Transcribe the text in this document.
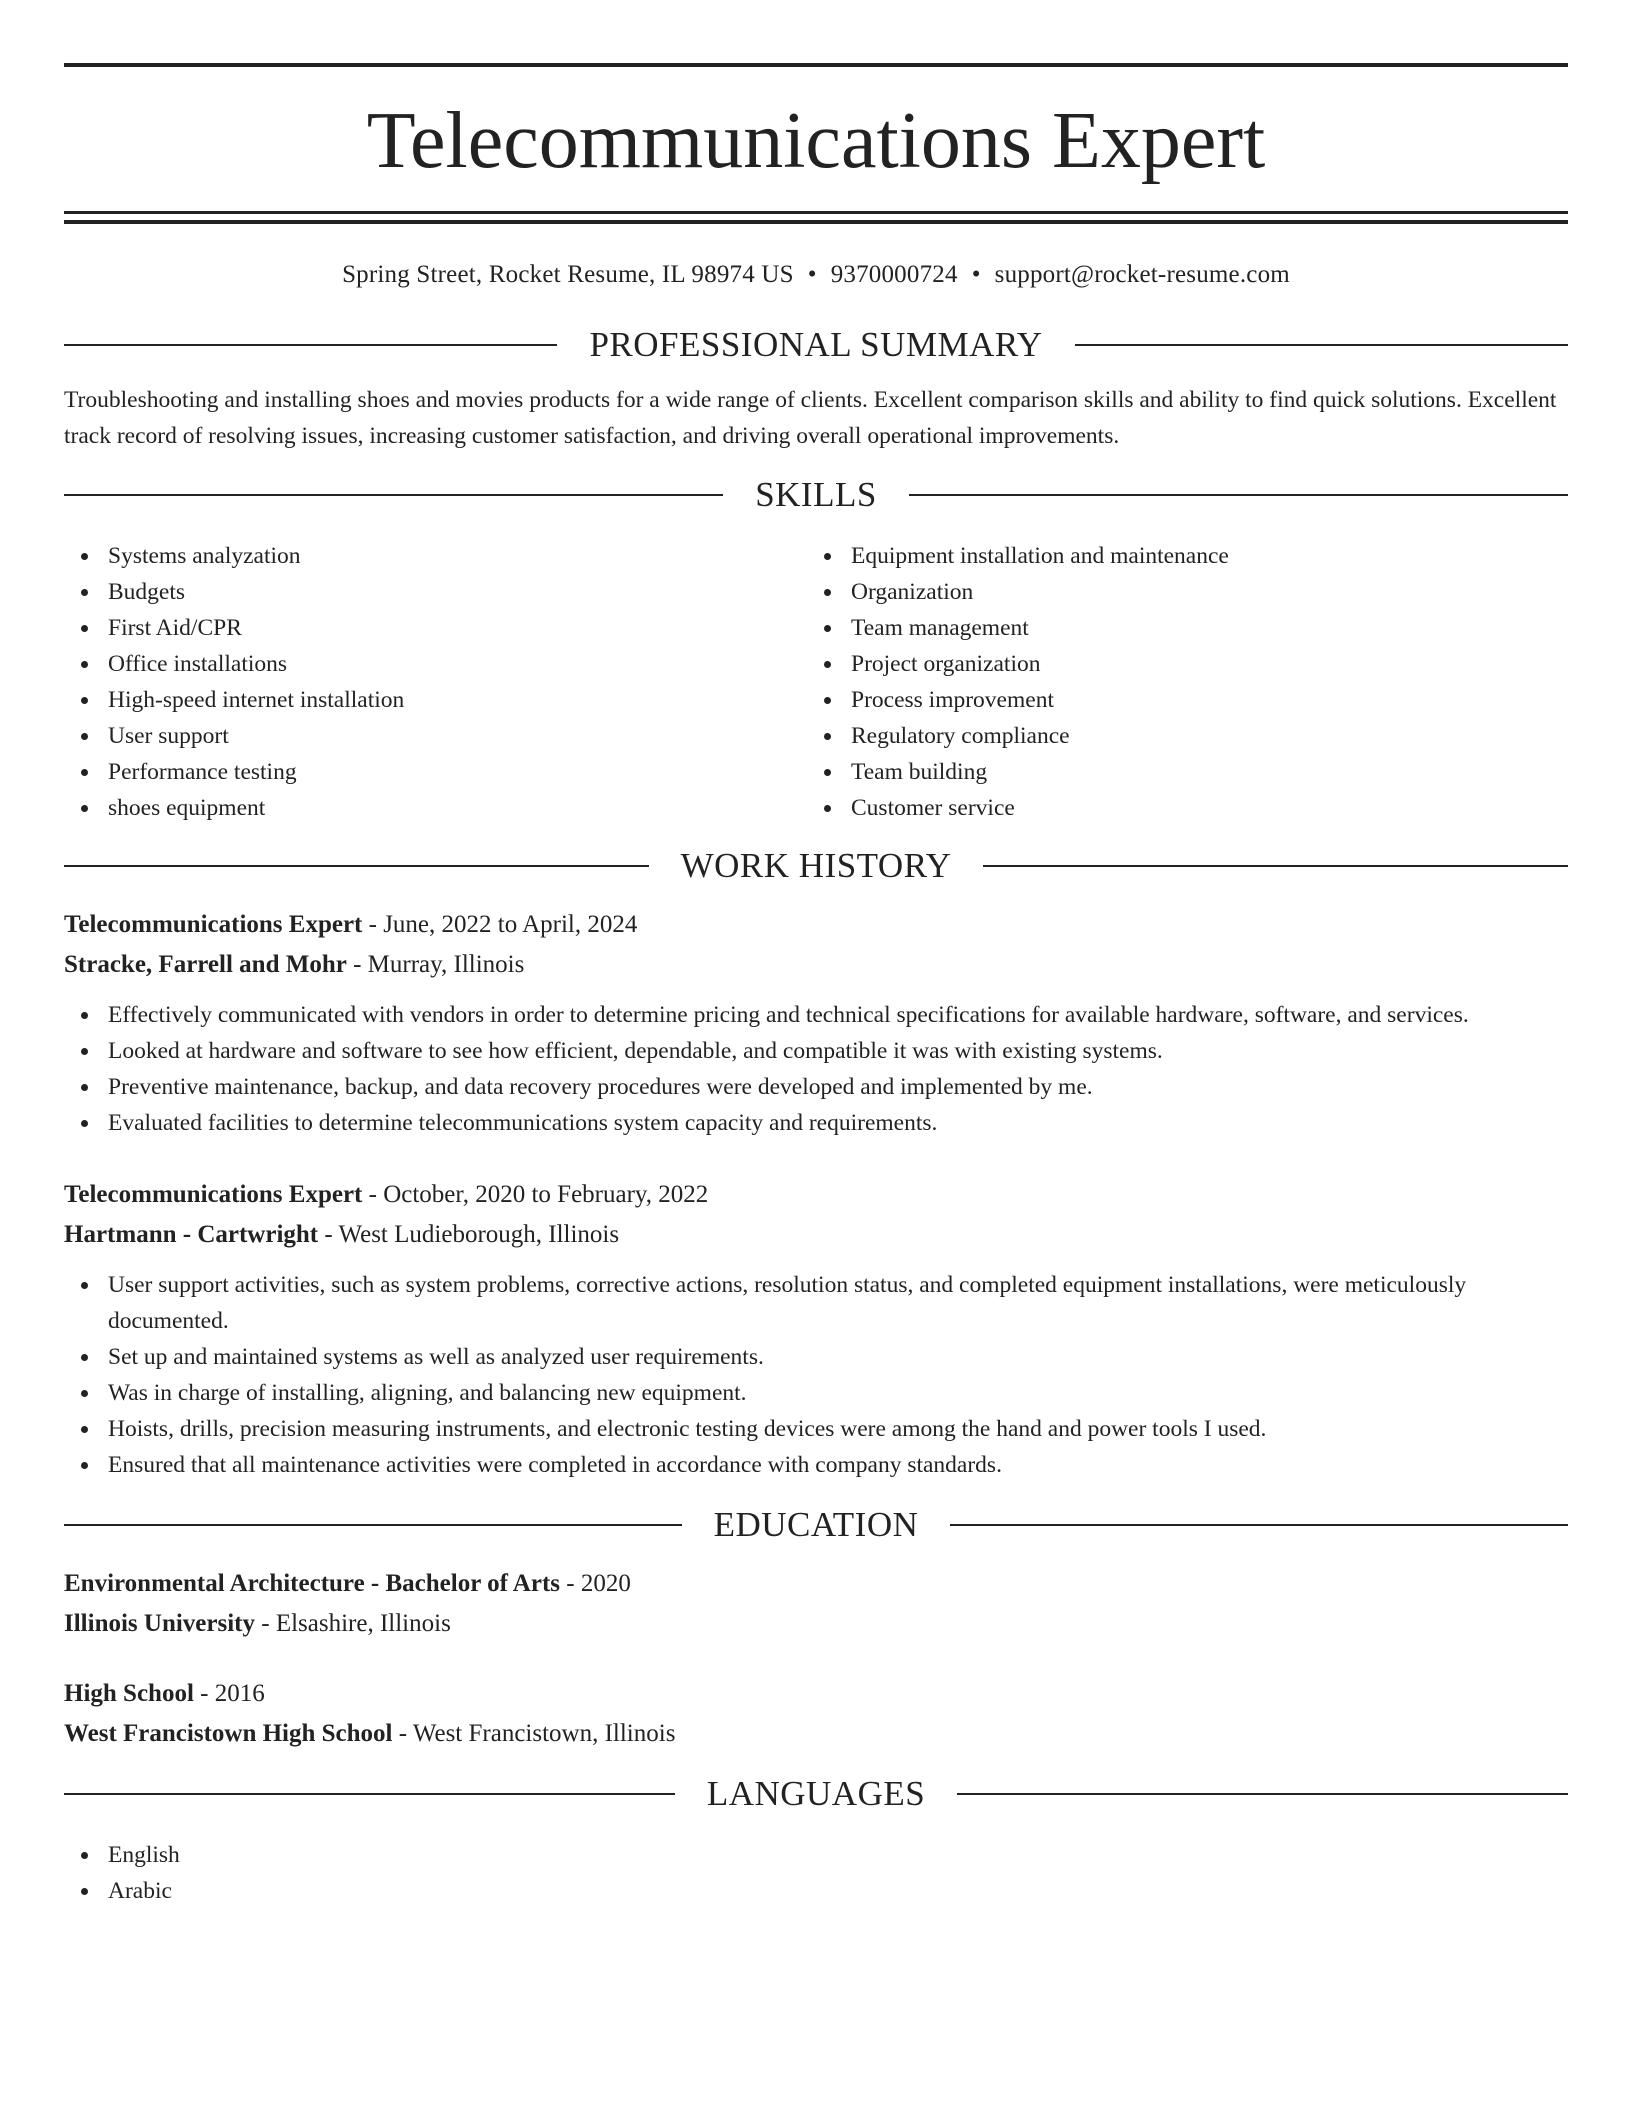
Telecommunications Expert
Spring Street, Rocket Resume, IL 98974 US • 9370000724 • support@rocket-resume.com
PROFESSIONAL SUMMARY

Troubleshooting and installing shoes and movies products for a wide range of clients. Excellent comparison skills and ability to find quick solutions. Excellent track record of resolving issues, increasing customer satisfaction, and driving overall operational improvements.

SKILLS
Systems analyzation
Budgets
First Aid/CPR
Office installations
High-speed internet installation
User support
Performance testing
shoes equipment
Equipment installation and maintenance
Organization
Team management
Project organization
Process improvement
Regulatory compliance
Team building
Customer service
WORK HISTORY
Telecommunications Expert - June, 2022 to April, 2024
Stracke, Farrell and Mohr - Murray, Illinois
Effectively communicated with vendors in order to determine pricing and technical specifications for available hardware, software, and services.
Looked at hardware and software to see how efficient, dependable, and compatible it was with existing systems.
Preventive maintenance, backup, and data recovery procedures were developed and implemented by me.
Evaluated facilities to determine telecommunications system capacity and requirements.
Telecommunications Expert - October, 2020 to February, 2022
Hartmann - Cartwright - West Ludieborough, Illinois
User support activities, such as system problems, corrective actions, resolution status, and completed equipment installations, were meticulously documented.
Set up and maintained systems as well as analyzed user requirements.
Was in charge of installing, aligning, and balancing new equipment.
Hoists, drills, precision measuring instruments, and electronic testing devices were among the hand and power tools I used.
Ensured that all maintenance activities were completed in accordance with company standards.
EDUCATION
Environmental Architecture - Bachelor of Arts - 2020
Illinois University - Elsashire, Illinois
High School - 2016
West Francistown High School - West Francistown, Illinois
LANGUAGES
English
Arabic
